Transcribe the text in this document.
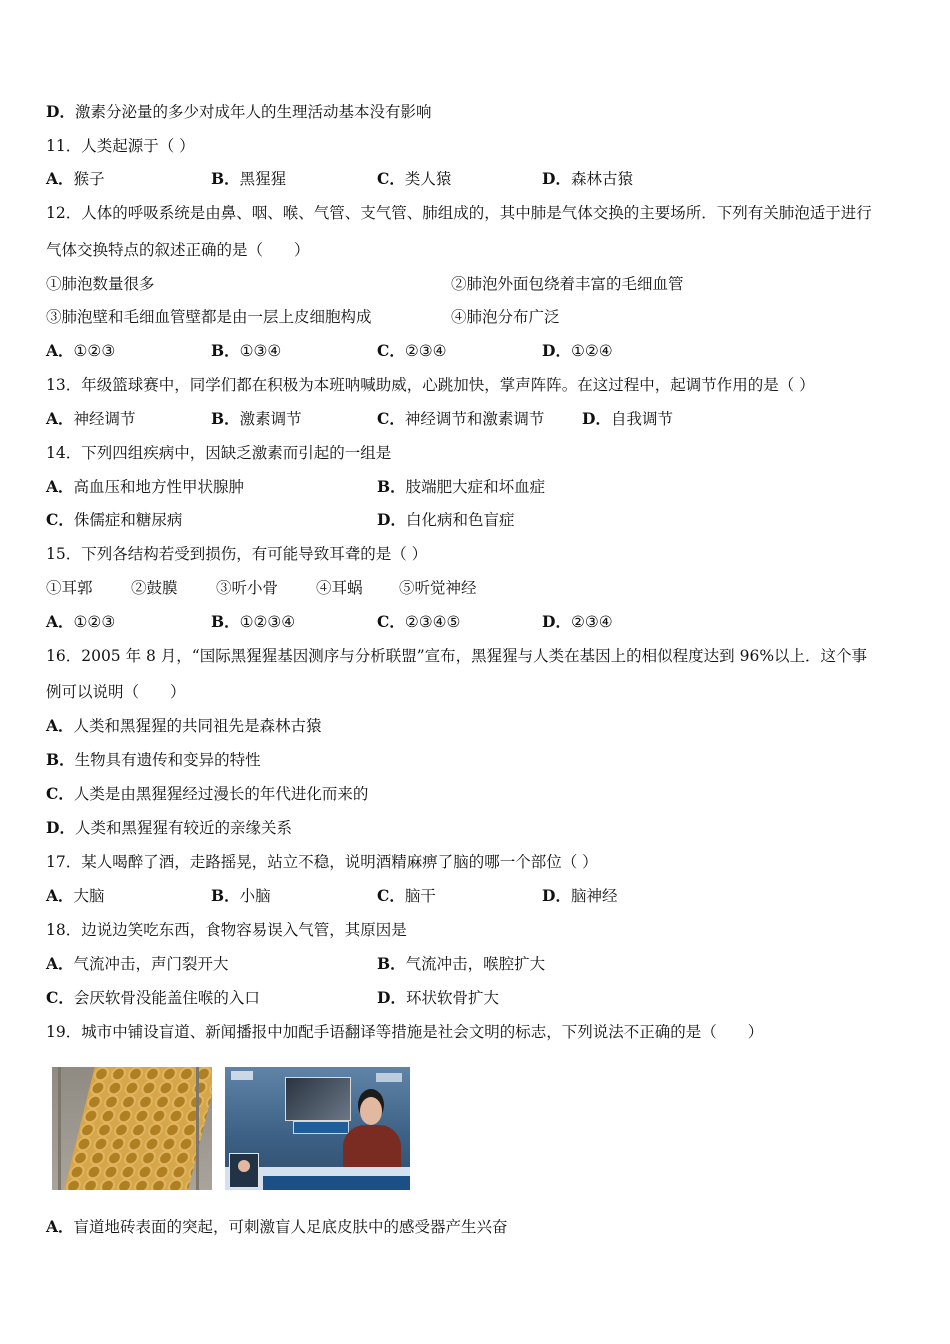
D．激素分泌量的多少对成年人的生理活动基本没有影响
11．人类起源于（ ）
A．猴子	B．黑猩猩	C．类人猿	D．森林古猿
12．人体的呼吸系统是由鼻、咽、喉、气管、支气管、肺组成的，其中肺是气体交换的主要场所．下列有关肺泡适于进行
气体交换特点的叙述正确的是（　　）
①肺泡数量很多	②肺泡外面包绕着丰富的毛细血管
③肺泡壁和毛细血管壁都是由一层上皮细胞构成	④肺泡分布广泛
A．①②③	B．①③④	C．②③④	D．①②④
13．年级篮球赛中，同学们都在积极为本班呐喊助威，心跳加快，掌声阵阵。在这过程中，起调节作用的是（ ）
A．神经调节	B．激素调节	C．神经调节和激素调节 D．自我调节
14．下列四组疾病中，因缺乏激素而引起的一组是
A．高血压和地方性甲状腺肿	B．肢端肥大症和坏血症
C．侏儒症和糖尿病	D．白化病和色盲症
15．下列各结构若受到损伤，有可能导致耳聋的是（ ）
①耳郭 ②鼓膜 ③听小骨 ④耳蜗 ⑤听觉神经
A．①②③	B．①②③④	C．②③④⑤	D．②③④
16．2005 年 8 月，“国际黑猩猩基因测序与分析联盟”宣布，黑猩猩与人类在基因上的相似程度达到 96%以上．这个事
例可以说明（　　）
A．人类和黑猩猩的共同祖先是森林古猿
B．生物具有遗传和变异的特性
C．人类是由黑猩猩经过漫长的年代进化而来的
D．人类和黑猩猩有较近的亲缘关系
17．某人喝醉了酒，走路摇晃，站立不稳，说明酒精麻痹了脑的哪一个部位（ ）
A．大脑	B．小脑	C．脑干	D．脑神经
18．边说边笑吃东西，食物容易误入气管，其原因是
A．气流冲击，声门裂开大	B．气流冲击，喉腔扩大
C．会厌软骨没能盖住喉的入口	D．环状软骨扩大
19．城市中铺设盲道、新闻播报中加配手语翻译等措施是社会文明的标志，下列说法不正确的是（　　）
A．盲道地砖表面的突起，可刺激盲人足底皮肤中的感受器产生兴奋
